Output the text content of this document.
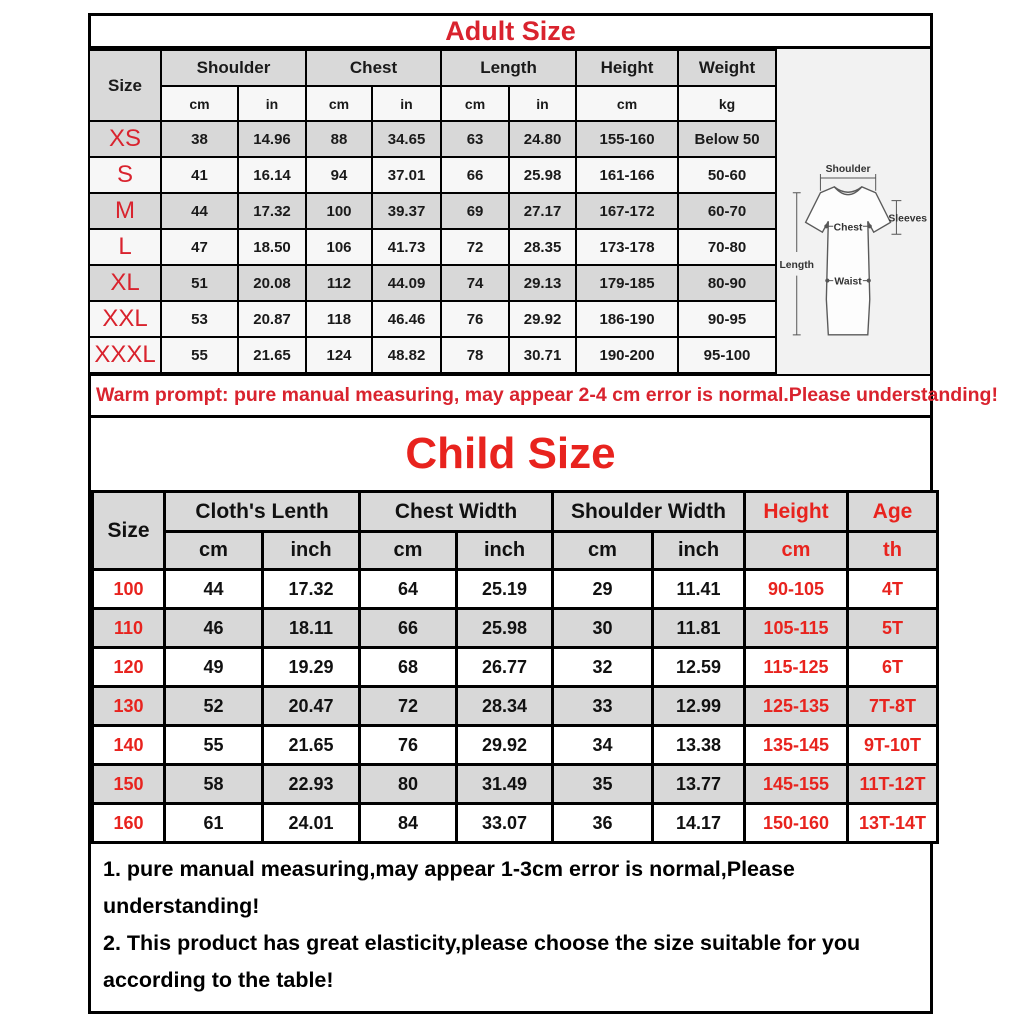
Adult Size
Size	Shoulder		Chest		Length		Height	Weight
	cm	in	cm	in	cm	in	cm	kg
XS	38	14.96	88	34.65	63	24.80	155-160	Below 50
S	41	16.14	94	37.01	66	25.98	161-166	50-60
M	44	17.32	100	39.37	69	27.17	167-172	60-70
L	47	18.50	106	41.73	72	28.35	173-178	70-80
XL	51	20.08	112	44.09	74	29.13	179-185	80-90
XXL	53	20.87	118	46.46	76	29.92	186-190	90-95
XXXL	55	21.65	124	48.82	78	30.71	190-200	95-100
Shoulder
Sleeves
Chest
Length
Waist
Warm prompt: pure manual measuring, may appear 2-4 cm error is normal.Please understanding!
Child Size
Size	Cloth's Lenth		Chest Width		Shoulder Width		Height	Age
	cm	inch	cm	inch	cm	inch	cm	th
100	44	17.32	64	25.19	29	11.41	90-105	4T
110	46	18.11	66	25.98	30	11.81	105-115	5T
120	49	19.29	68	26.77	32	12.59	115-125	6T
130	52	20.47	72	28.34	33	12.99	125-135	7T-8T
140	55	21.65	76	29.92	34	13.38	135-145	9T-10T
150	58	22.93	80	31.49	35	13.77	145-155	11T-12T
160	61	24.01	84	33.07	36	14.17	150-160	13T-14T

1. pure manual measuring,may appear 1-3cm error is normal,Please understanding!

2. This product has great elasticity,please choose the size suitable for you according to the table!
